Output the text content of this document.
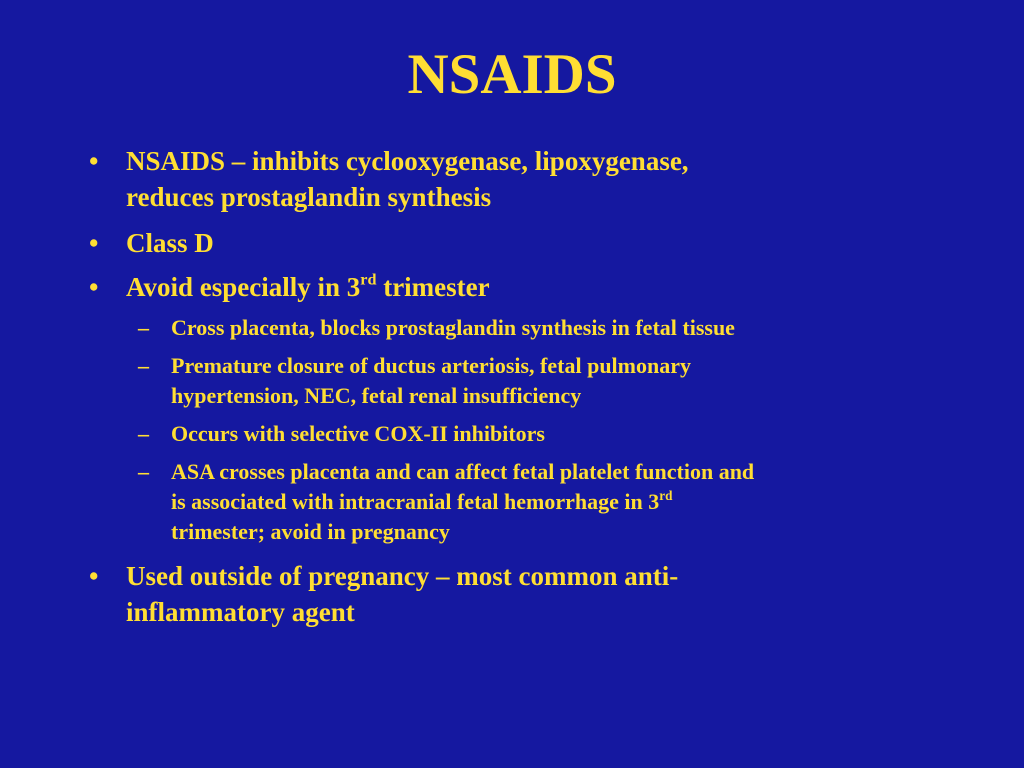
NSAIDS
• NSAIDS – inhibits cyclooxygenase, lipoxygenase,
reduces prostaglandin synthesis
• Class D
• Avoid especially in 3rd trimester
– Cross placenta, blocks prostaglandin synthesis in fetal tissue
– Premature closure of ductus arteriosis, fetal pulmonary
hypertension, NEC, fetal renal insufficiency
– Occurs with selective COX-II inhibitors
– ASA crosses placenta and can affect fetal platelet function and
is associated with intracranial fetal hemorrhage in 3rd
trimester; avoid in pregnancy
• Used outside of pregnancy – most common anti-
inflammatory agent
